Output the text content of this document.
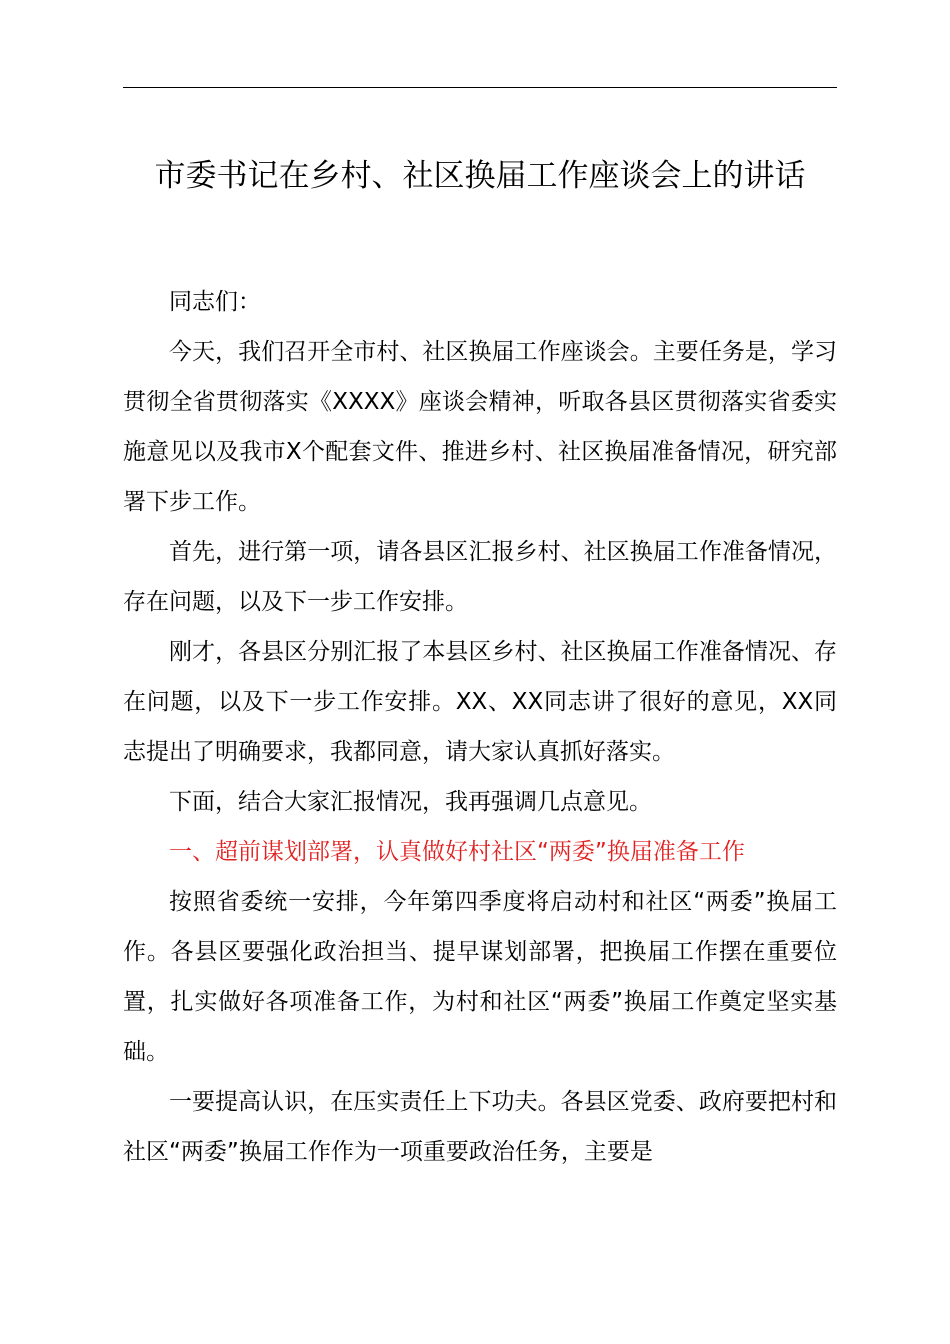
市委书记在乡村、社区换届工作座谈会上的讲话

同志们：

今天，我们召开全市村、社区换届工作座谈会。主要任务是，学习贯彻全省贯彻落实《XXXX》座谈会精神，听取各县区贯彻落实省委实施意见以及我市X个配套文件、推进乡村、社区换届准备情况，研究部署下步工作。

首先，进行第一项，请各县区汇报乡村、社区换届工作准备情况，存在问题，以及下一步工作安排。

刚才，各县区分别汇报了本县区乡村、社区换届工作准备情况、存在问题，以及下一步工作安排。XX、XX同志讲了很好的意见，XX同志提出了明确要求，我都同意，请大家认真抓好落实。

下面，结合大家汇报情况，我再强调几点意见。

一、超前谋划部署，认真做好村社区“两委”换届准备工作

按照省委统一安排，今年第四季度将启动村和社区“两委”换届工作。各县区要强化政治担当、提早谋划部署，把换届工作摆在重要位置，扎实做好各项准备工作，为村和社区“两委”换届工作奠定坚实基础。

一要提高认识，在压实责任上下功夫。各县区党委、政府要把村和社区“两委”换届工作作为一项重要政治任务，主要是
